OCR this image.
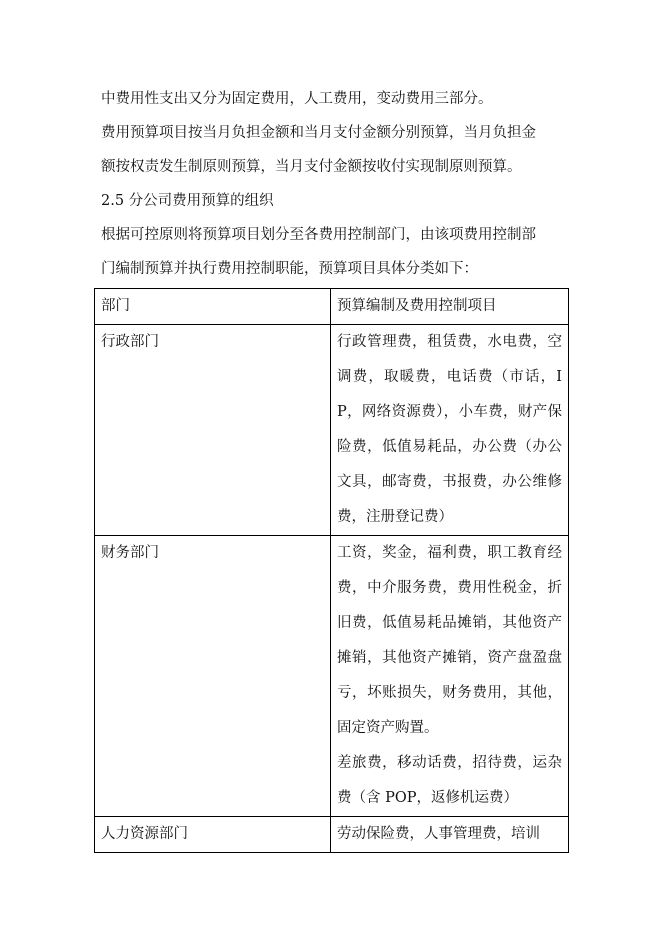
中费用性支出又分为固定费用，人工费用，变动费用三部分。

费用预算项目按当月负担金额和当月支付金额分别预算，当月负担金

额按权责发生制原则预算，当月支付金额按收付实现制原则预算。

2.5 分公司费用预算的组织

根据可控原则将预算项目划分至各费用控制部门，由该项费用控制部

门编制预算并执行费用控制职能，预算项目具体分类如下：

部门	预算编制及费用控制项目
行政部门	行政管理费，租赁费，水电费，空调费，取暖费，电话费（市话，IP，网络资源费），小车费，财产保险费，低值易耗品，办公费（办公文具，邮寄费，书报费，办公维修费，注册登记费）

财务部门	工资，奖金，福利费，职工教育经费，中介服务费，费用性税金，折旧费，低值易耗品摊销，其他资产摊销，其他资产摊销，资产盘盈盘亏，坏账损失，财务费用，其他，固定资产购置。

差旅费，移动话费，招待费，运杂费（含 POP，返修机运费）

人力资源部门	劳动保险费，人事管理费，培训
